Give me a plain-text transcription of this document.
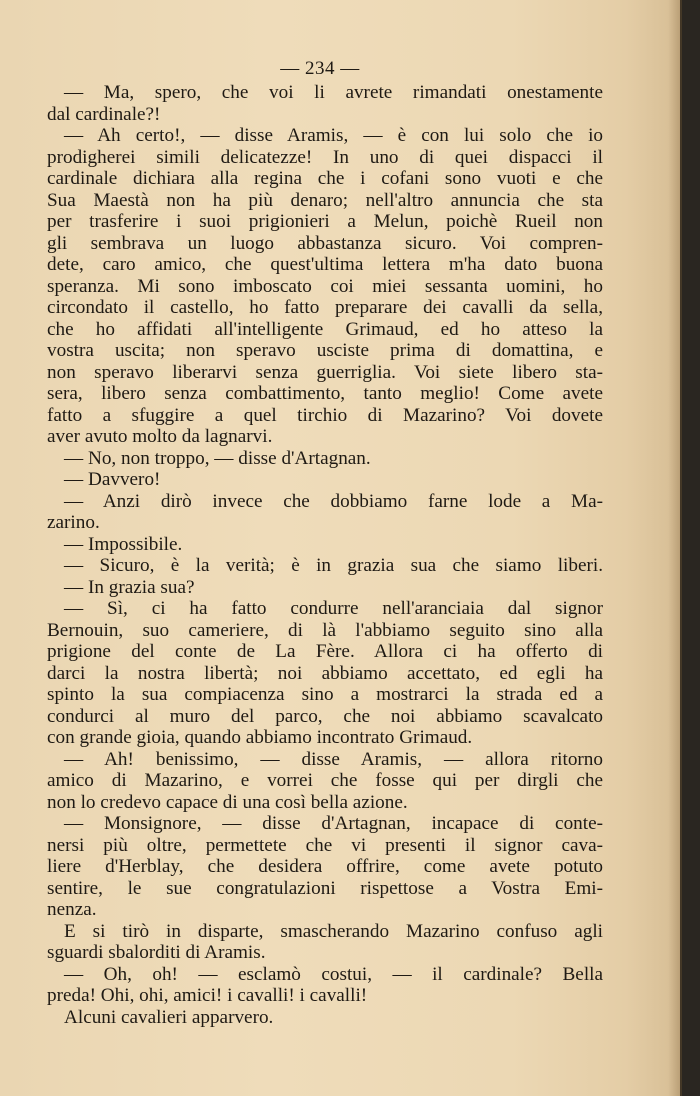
— 234 —
— Ma, spero, che voi li avrete rimandati onestamente
dal cardinale?!
— Ah certo!, — disse Aramis, — è con lui solo che io
prodigherei simili delicatezze! In uno di quei dispacci il
cardinale dichiara alla regina che i cofani sono vuoti e che
Sua Maestà non ha più denaro; nell'altro annuncia che sta
per trasferire i suoi prigionieri a Melun, poichè Rueil non
gli sembrava un luogo abbastanza sicuro. Voi compren-
dete, caro amico, che quest'ultima lettera m'ha dato buona
speranza. Mi sono imboscato coi miei sessanta uomini, ho
circondato il castello, ho fatto preparare dei cavalli da sella,
che ho affidati all'intelligente Grimaud, ed ho atteso la
vostra uscita; non speravo usciste prima di domattina, e
non speravo liberarvi senza guerriglia. Voi siete libero sta-
sera, libero senza combattimento, tanto meglio! Come avete
fatto a sfuggire a quel tirchio di Mazarino? Voi dovete
aver avuto molto da lagnarvi.
— No, non troppo, — disse d'Artagnan.
— Davvero!
— Anzi dirò invece che dobbiamo farne lode a Ma-
zarino.
— Impossibile.
— Sicuro, è la verità; è in grazia sua che siamo liberi.
— In grazia sua?
— Sì, ci ha fatto condurre nell'aranciaia dal signor
Bernouin, suo cameriere, di là l'abbiamo seguito sino alla
prigione del conte de La Fère. Allora ci ha offerto di
darci la nostra libertà; noi abbiamo accettato, ed egli ha
spinto la sua compiacenza sino a mostrarci la strada ed a
condurci al muro del parco, che noi abbiamo scavalcato
con grande gioia, quando abbiamo incontrato Grimaud.
— Ah! benissimo, — disse Aramis, — allora ritorno
amico di Mazarino, e vorrei che fosse qui per dirgli che
non lo credevo capace di una così bella azione.
— Monsignore, — disse d'Artagnan, incapace di conte-
nersi più oltre, permettete che vi presenti il signor cava-
liere d'Herblay, che desidera offrire, come avete potuto
sentire, le sue congratulazioni rispettose a Vostra Emi-
nenza.
E si tirò in disparte, smascherando Mazarino confuso agli
sguardi sbalorditi di Aramis.
— Oh, oh! — esclamò costui, — il cardinale? Bella
preda! Ohi, ohi, amici! i cavalli! i cavalli!
Alcuni cavalieri apparvero.
